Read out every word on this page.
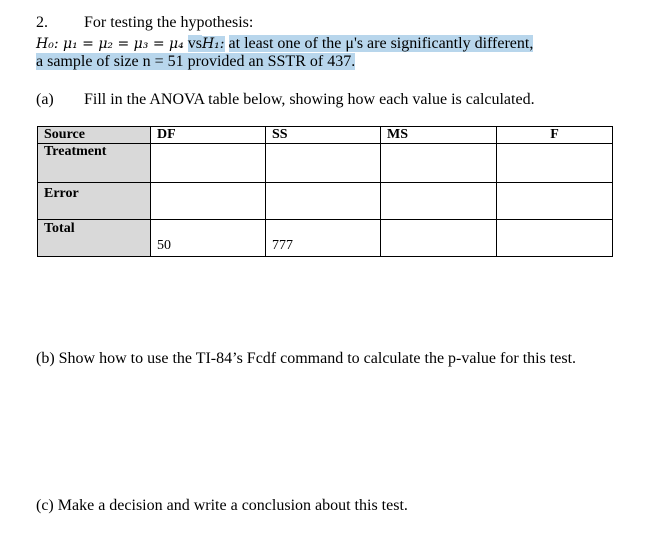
2. For testing the hypothesis:
H₀: μ₁ = μ₂ = μ₃ = μ₄ vsH₁: at least one of the μ's are significantly different,
a sample of size n = 51 provided an SSTR of 437.
(a) Fill in the ANOVA table below, showing how each value is calculated.
Source	DF	SS	MS	F
Treatment				
Error				
Total	50	777		
(b) Show how to use the TI-84’s Fcdf command to calculate the p-value for this test.
(c) Make a decision and write a conclusion about this test.
